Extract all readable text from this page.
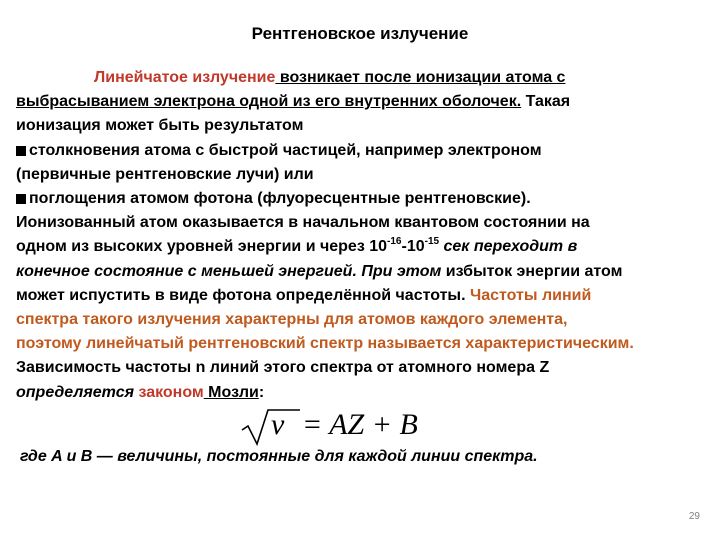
Рентгеновское излучение
Линейчатое излучение возникает после ионизации атома с
выбрасыванием электрона одной из его внутренних оболочек. Такая
ионизация может быть результатом
столкновения атома с быстрой частицей, например электроном
(первичные рентгеновские лучи) или
поглощения атомом фотона (флуоресцентные рентгеновские).
Ионизованный атом оказывается в начальном квантовом состоянии на
одном из высоких уровней энергии и через $10^{-16}-10^{-15}$ сек переходит в
конечное состояние с меньшей энергией. При этом избыток энергии атом
может испустить в виде фотона определённой частоты. Частоты линий
спектра такого излучения характерны для атомов каждого элемента,
поэтому линейчатый рентгеновский спектр называется характеристическим.
Зависимость частоты n линий этого спектра от атомного номера Z
определяется законом Мозли:
v = AZ + B
где A и B — величины, постоянные для каждой линии спектра.
29
